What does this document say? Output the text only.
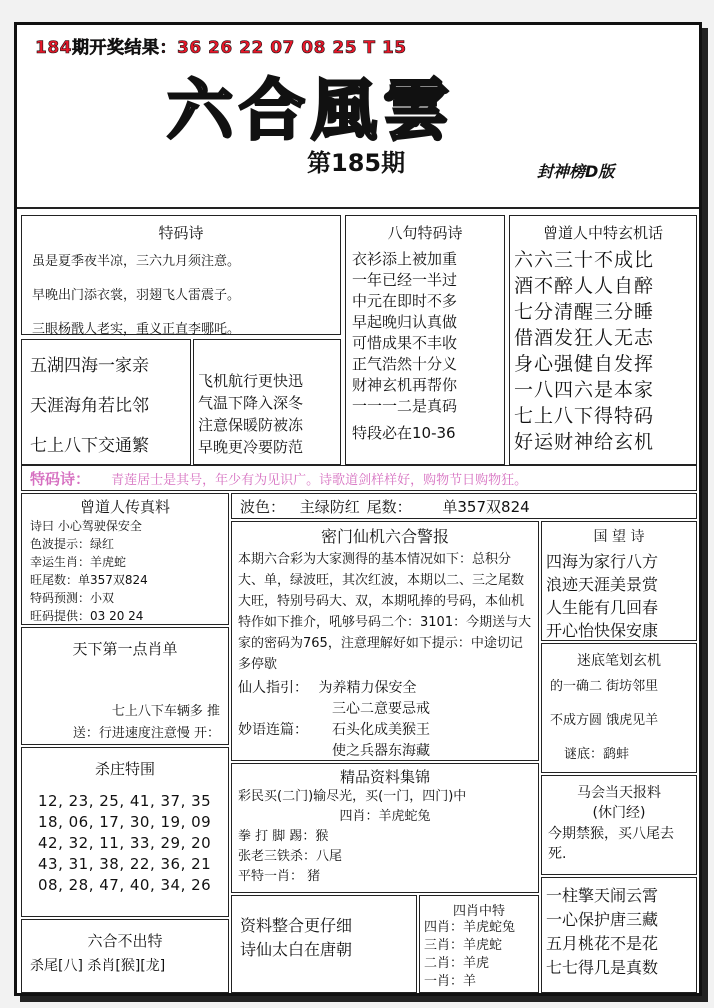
184期开奖结果：36 26 22 07 08 25 T 15
六合風雲
第185期	封神榜D版
特码诗
虽是夏季夜半凉，三六九月须注意。
早晚出门添衣裳，羽翅飞人雷震子。
三眼杨戬人老实，重义正直李哪吒。
八句特码诗
衣衫添上被加重
一年已经一半过
中元在即时不多
早起晚归认真做
可惜成果不丰收
正气浩然十分义
财神玄机再帮你
一一一二是真码
特段必在10-36
曾道人中特玄机话
六六三十不成比
酒不醉人人自醉
七分清醒三分睡
借酒发狂人无志
身心强健自发挥
一八四六是本家
七上八下得特码
好运财神给玄机
五湖四海一家亲
天涯海角若比邻
七上八下交通繁
飞机航行更快迅
气温下降入深冬
注意保暖防被冻
早晚更冷要防范
特码诗： 青莲居士是其号，年少有为见识广。诗歌道剑样样好，购物节日购物狂。
曾道人传真料
诗曰 小心驾驶保安全
色波提示：绿红
幸运生肖：羊虎蛇
旺尾数：单357双824
特码预测：小双
旺码提供：03 20 24
天下第一点肖单
七上八下车辆多 推
送：行进速度注意慢 开：
杀庄特围
12, 23, 25, 41, 37, 35
18, 06, 17, 30, 19, 09
42, 32, 11, 33, 29, 20
43, 31, 38, 22, 36, 21
08, 28, 47, 40, 34, 26
六合不出特
杀尾[八] 杀肖[猴][龙]
波色： 主绿防红 尾数： 单357双824
密门仙机六合警报
本期六合彩为大家测得的基本情况如下：总积分大、单，绿波旺，其次红波，本期以二、三之尾数大旺，特别号码大、双，本期吼捧的号码，本仙机特作如下推介，吼够号码二个：3101：今期送与大家的密码为765，注意理解好如下提示：中途切记多停歇
仙人指引： 为养精力保安全
妙语连篇：
三心二意要忌戒
石头化成美猴王
使之兵器东海藏
精品资料集锦
彩民买(二门)输尽光，买(一门，四门)中
四肖：羊虎蛇兔
拳 打 脚 踢：猴
张老三铁杀：八尾
平特一肖： 猪
资料整合更仔细
诗仙太白在唐朝
四肖中特
四肖：羊虎蛇兔
三肖：羊虎蛇
二肖：羊虎
一肖：羊
国 望 诗
四海为家行八方
浪迹天涯美景赏
人生能有几回春
开心怡快保安康
迷底笔划玄机
的一确二 街坊邻里
不成方圆 饿虎见羊
谜底：鹞蚌
马会当天报料
(休门经)
今期禁猴，买八尾去死.
一柱擎天闹云霄
一心保护唐三藏
五月桃花不是花
七七得几是真数
